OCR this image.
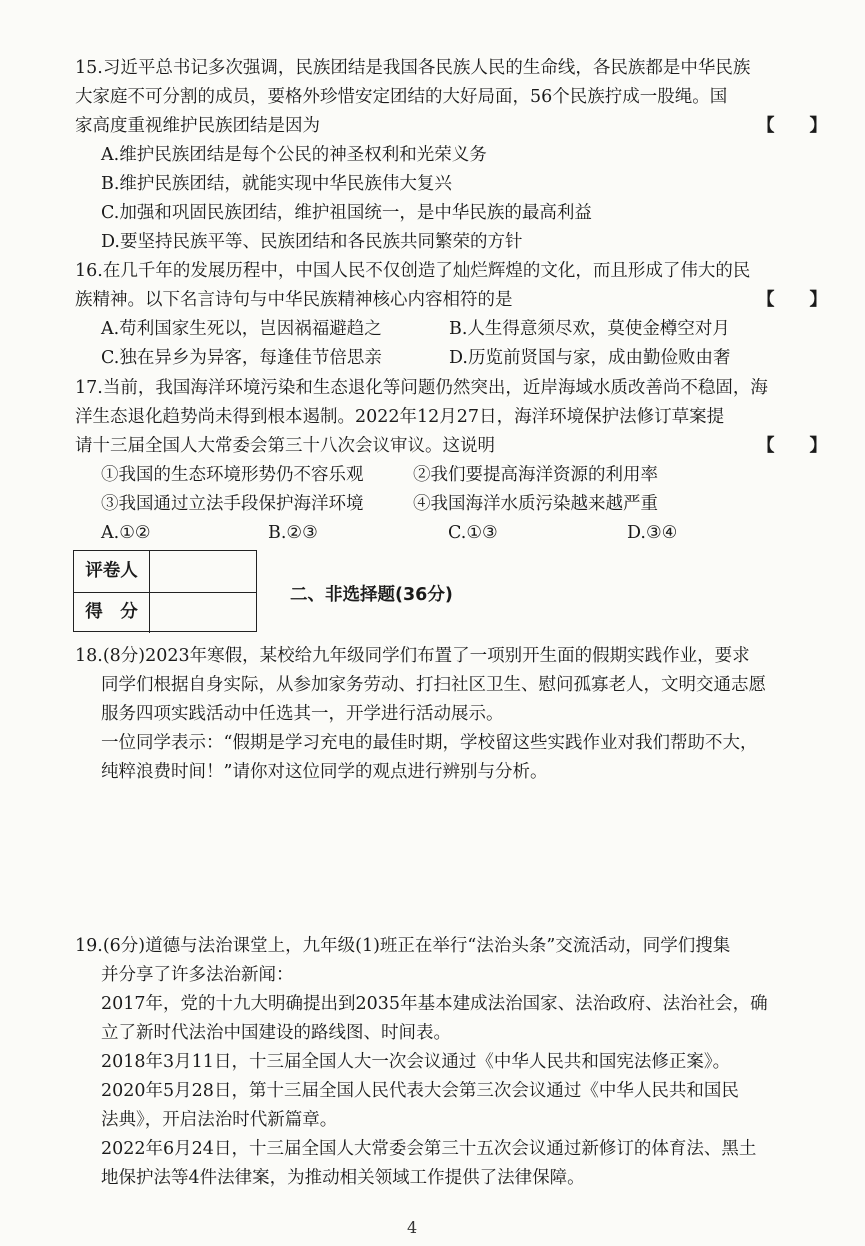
15.习近平总书记多次强调，民族团结是我国各民族人民的生命线，各民族都是中华民族
大家庭不可分割的成员，要格外珍惜安定团结的大好局面，56个民族拧成一股绳。国
家高度重视维护民族团结是因为	【　　】
A.维护民族团结是每个公民的神圣权利和光荣义务
B.维护民族团结，就能实现中华民族伟大复兴
C.加强和巩固民族团结，维护祖国统一，是中华民族的最高利益
D.要坚持民族平等、民族团结和各民族共同繁荣的方针
16.在几千年的发展历程中，中国人民不仅创造了灿烂辉煌的文化，而且形成了伟大的民
族精神。以下名言诗句与中华民族精神核心内容相符的是	【　　】
A.苟利国家生死以，岂因祸福避趋之	B.人生得意须尽欢，莫使金樽空对月
C.独在异乡为异客，每逢佳节倍思亲	D.历览前贤国与家，成由勤俭败由奢
17.当前，我国海洋环境污染和生态退化等问题仍然突出，近岸海域水质改善尚不稳固，海
洋生态退化趋势尚未得到根本遏制。2022年12月27日，海洋环境保护法修订草案提
请十三届全国人大常委会第三十八次会议审议。这说明	【　　】
①我国的生态环境形势仍不容乐观	②我们要提高海洋资源的利用率
③我国通过立法手段保护海洋环境	④我国海洋水质污染越来越严重
A.①②	B.②③	C.①③	D.③④
评卷人
得　分
二、非选择题(36分)
18.(8分)2023年寒假，某校给九年级同学们布置了一项别开生面的假期实践作业，要求
同学们根据自身实际，从参加家务劳动、打扫社区卫生、慰问孤寡老人，文明交通志愿
服务四项实践活动中任选其一，开学进行活动展示。
一位同学表示：“假期是学习充电的最佳时期，学校留这些实践作业对我们帮助不大，
纯粹浪费时间！”请你对这位同学的观点进行辨别与分析。
19.(6分)道德与法治课堂上，九年级(1)班正在举行“法治头条”交流活动，同学们搜集
并分享了许多法治新闻：
2017年，党的十九大明确提出到2035年基本建成法治国家、法治政府、法治社会，确
立了新时代法治中国建设的路线图、时间表。
2018年3月11日，十三届全国人大一次会议通过《中华人民共和国宪法修正案》。
2020年5月28日，第十三届全国人民代表大会第三次会议通过《中华人民共和国民
法典》，开启法治时代新篇章。
2022年6月24日，十三届全国人大常委会第三十五次会议通过新修订的体育法、黑土
地保护法等4件法律案，为推动相关领域工作提供了法律保障。
4
